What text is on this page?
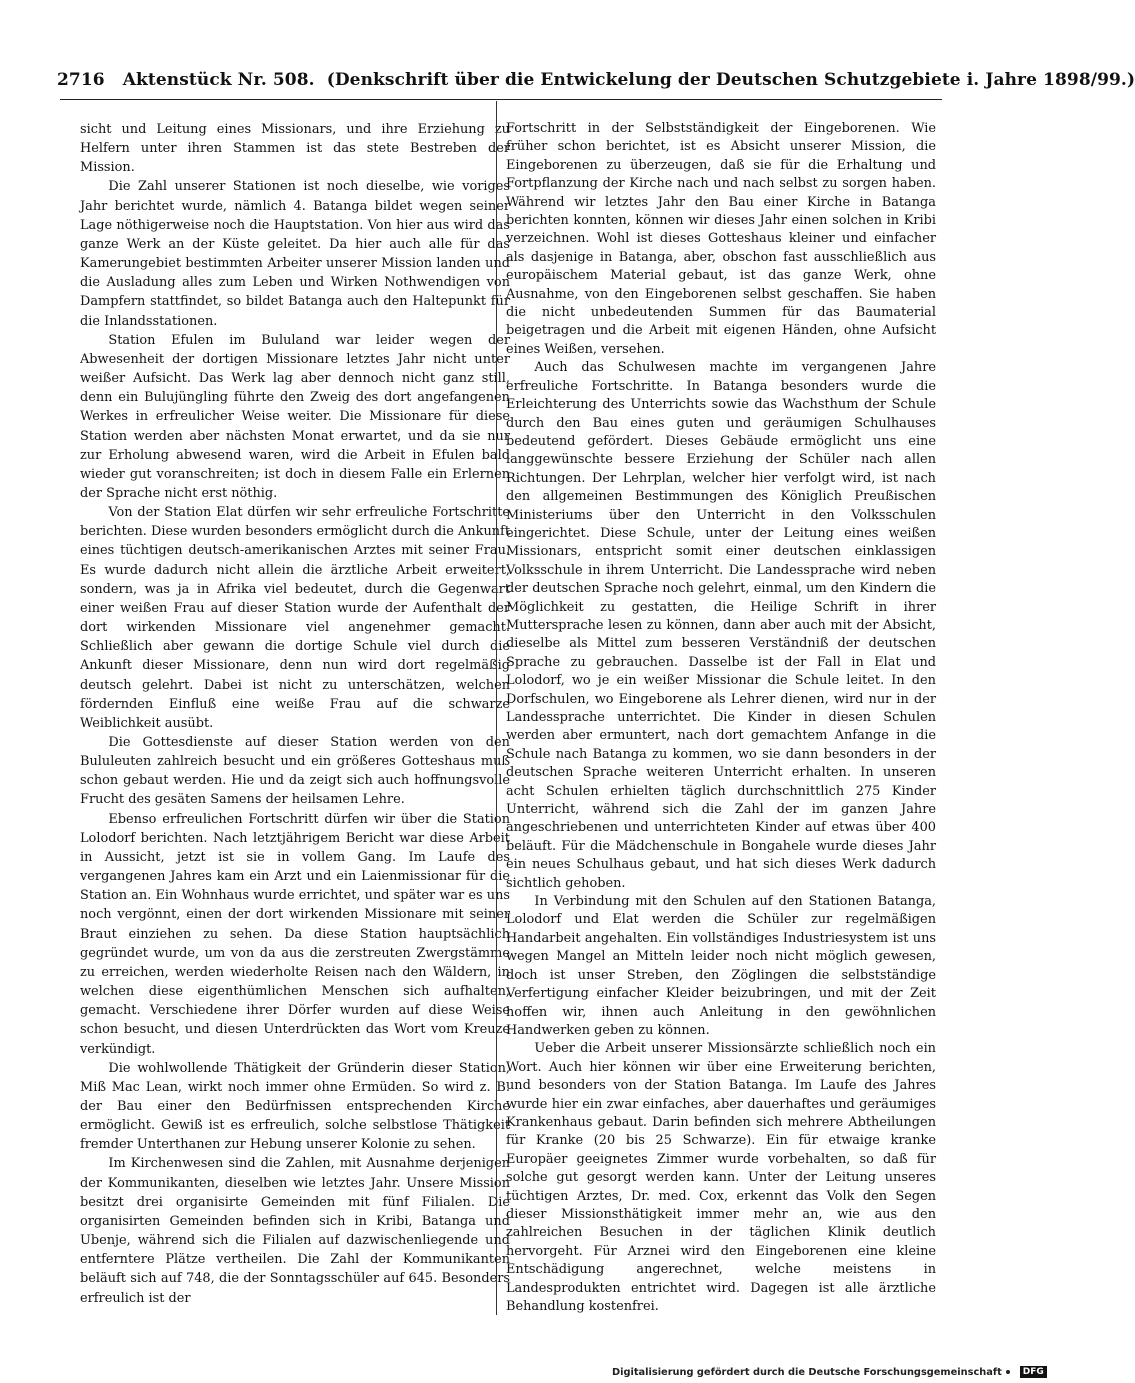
2716 Aktenstück Nr. 508. (Denkschrift über die Entwickelung der Deutschen Schutzgebiete i. Jahre 1898/99.)

sicht und Leitung eines Missionars, und ihre Erziehung zu Helfern unter ihren Stammen ist das stete Bestreben der Mission.

Die Zahl unserer Stationen ist noch dieselbe, wie voriges Jahr berichtet wurde, nämlich 4. Batanga bildet wegen seiner Lage nöthigerweise noch die Hauptstation. Von hier aus wird das ganze Werk an der Küste geleitet. Da hier auch alle für das Kamerungebiet bestimmten Arbeiter unserer Mission landen und die Ausladung alles zum Leben und Wirken Nothwendigen von Dampfern stattfindet, so bildet Batanga auch den Haltepunkt für die Inlandsstationen.

Station Efulen im Bululand war leider wegen der Abwesenheit der dortigen Missionare letztes Jahr nicht unter weißer Aufsicht. Das Werk lag aber dennoch nicht ganz still, denn ein Bulujüngling führte den Zweig des dort angefangenen Werkes in erfreulicher Weise weiter. Die Missionare für diese Station werden aber nächsten Monat erwartet, und da sie nur zur Erholung abwesend waren, wird die Arbeit in Efulen bald wieder gut voranschreiten; ist doch in diesem Falle ein Erlernen der Sprache nicht erst nöthig.

Von der Station Elat dürfen wir sehr erfreuliche Fortschritte berichten. Diese wurden besonders ermöglicht durch die Ankunft eines tüchtigen deutsch-amerikanischen Arztes mit seiner Frau. Es wurde dadurch nicht allein die ärztliche Arbeit erweitert, sondern, was ja in Afrika viel bedeutet, durch die Gegenwart einer weißen Frau auf dieser Station wurde der Aufenthalt der dort wirkenden Missionare viel angenehmer gemacht. Schließlich aber gewann die dortige Schule viel durch die Ankunft dieser Missionare, denn nun wird dort regelmäßig deutsch gelehrt. Dabei ist nicht zu unterschätzen, welchen fördernden Einfluß eine weiße Frau auf die schwarze Weiblichkeit ausübt.

Die Gottesdienste auf dieser Station werden von den Bululeuten zahlreich besucht und ein größeres Gotteshaus muß schon gebaut werden. Hie und da zeigt sich auch hoffnungsvolle Frucht des gesäten Samens der heilsamen Lehre.

Ebenso erfreulichen Fortschritt dürfen wir über die Station Lolodorf berichten. Nach letztjährigem Bericht war diese Arbeit in Aussicht, jetzt ist sie in vollem Gang. Im Laufe des vergangenen Jahres kam ein Arzt und ein Laienmissionar für die Station an. Ein Wohnhaus wurde errichtet, und später war es uns noch vergönnt, einen der dort wirkenden Missionare mit seiner Braut einziehen zu sehen. Da diese Station hauptsächlich gegründet wurde, um von da aus die zerstreuten Zwergstämme zu erreichen, werden wiederholte Reisen nach den Wäldern, in welchen diese eigenthümlichen Menschen sich aufhalten, gemacht. Verschiedene ihrer Dörfer wurden auf diese Weise schon besucht, und diesen Unterdrückten das Wort vom Kreuze verkündigt.

Die wohlwollende Thätigkeit der Gründerin dieser Station, Miß Mac Lean, wirkt noch immer ohne Ermüden. So wird z. B. der Bau einer den Bedürfnissen entsprechenden Kirche ermöglicht. Gewiß ist es erfreulich, solche selbstlose Thätigkeit fremder Unterthanen zur Hebung unserer Kolonie zu sehen.

Im Kirchenwesen sind die Zahlen, mit Ausnahme derjenigen der Kommunikanten, dieselben wie letztes Jahr. Unsere Mission besitzt drei organisirte Gemeinden mit fünf Filialen. Die organisirten Gemeinden befinden sich in Kribi, Batanga und Ubenje, während sich die Filialen auf dazwischenliegende und entferntere Plätze vertheilen. Die Zahl der Kommunikanten beläuft sich auf 748, die der Sonntagsschüler auf 645. Besonders erfreulich ist der

Fortschritt in der Selbstständigkeit der Eingeborenen. Wie früher schon berichtet, ist es Absicht unserer Mission, die Eingeborenen zu überzeugen, daß sie für die Erhaltung und Fortpflanzung der Kirche nach und nach selbst zu sorgen haben. Während wir letztes Jahr den Bau einer Kirche in Batanga berichten konnten, können wir dieses Jahr einen solchen in Kribi verzeichnen. Wohl ist dieses Gotteshaus kleiner und einfacher als dasjenige in Batanga, aber, obschon fast ausschließlich aus europäischem Material gebaut, ist das ganze Werk, ohne Ausnahme, von den Eingeborenen selbst geschaffen. Sie haben die nicht unbedeutenden Summen für das Baumaterial beigetragen und die Arbeit mit eigenen Händen, ohne Aufsicht eines Weißen, versehen.

Auch das Schulwesen machte im vergangenen Jahre erfreuliche Fortschritte. In Batanga besonders wurde die Erleichterung des Unterrichts sowie das Wachsthum der Schule durch den Bau eines guten und geräumigen Schulhauses bedeutend gefördert. Dieses Gebäude ermöglicht uns eine langgewünschte bessere Erziehung der Schüler nach allen Richtungen. Der Lehrplan, welcher hier verfolgt wird, ist nach den allgemeinen Bestimmungen des Königlich Preußischen Ministeriums über den Unterricht in den Volksschulen eingerichtet. Diese Schule, unter der Leitung eines weißen Missionars, entspricht somit einer deutschen einklassigen Volksschule in ihrem Unterricht. Die Landessprache wird neben der deutschen Sprache noch gelehrt, einmal, um den Kindern die Möglichkeit zu gestatten, die Heilige Schrift in ihrer Muttersprache lesen zu können, dann aber auch mit der Absicht, dieselbe als Mittel zum besseren Verständniß der deutschen Sprache zu gebrauchen. Dasselbe ist der Fall in Elat und Lolodorf, wo je ein weißer Missionar die Schule leitet. In den Dorfschulen, wo Eingeborene als Lehrer dienen, wird nur in der Landessprache unterrichtet. Die Kinder in diesen Schulen werden aber ermuntert, nach dort gemachtem Anfange in die Schule nach Batanga zu kommen, wo sie dann besonders in der deutschen Sprache weiteren Unterricht erhalten. In unseren acht Schulen erhielten täglich durchschnittlich 275 Kinder Unterricht, während sich die Zahl der im ganzen Jahre angeschriebenen und unterrichteten Kinder auf etwas über 400 beläuft. Für die Mädchenschule in Bongahele wurde dieses Jahr ein neues Schulhaus gebaut, und hat sich dieses Werk dadurch sichtlich gehoben.

In Verbindung mit den Schulen auf den Stationen Batanga, Lolodorf und Elat werden die Schüler zur regelmäßigen Handarbeit angehalten. Ein vollständiges Industriesystem ist uns wegen Mangel an Mitteln leider noch nicht möglich gewesen, doch ist unser Streben, den Zöglingen die selbstständige Verfertigung einfacher Kleider beizubringen, und mit der Zeit hoffen wir, ihnen auch Anleitung in den gewöhnlichen Handwerken geben zu können.

Ueber die Arbeit unserer Missionsärzte schließlich noch ein Wort. Auch hier können wir über eine Erweiterung berichten, und besonders von der Station Batanga. Im Laufe des Jahres wurde hier ein zwar einfaches, aber dauerhaftes und geräumiges Krankenhaus gebaut. Darin befinden sich mehrere Abtheilungen für Kranke (20 bis 25 Schwarze). Ein für etwaige kranke Europäer geeignetes Zimmer wurde vorbehalten, so daß für solche gut gesorgt werden kann. Unter der Leitung unseres tüchtigen Arztes, Dr. med. Cox, erkennt das Volk den Segen dieser Missionsthätigkeit immer mehr an, wie aus den zahlreichen Besuchen in der täglichen Klinik deutlich hervorgeht. Für Arznei wird den Eingeborenen eine kleine Entschädigung angerechnet, welche meistens in Landesprodukten entrichtet wird. Dagegen ist alle ärztliche Behandlung kostenfrei.

Digitalisierung gefördert durch die Deutsche Forschungsgemeinschaft	DFG
